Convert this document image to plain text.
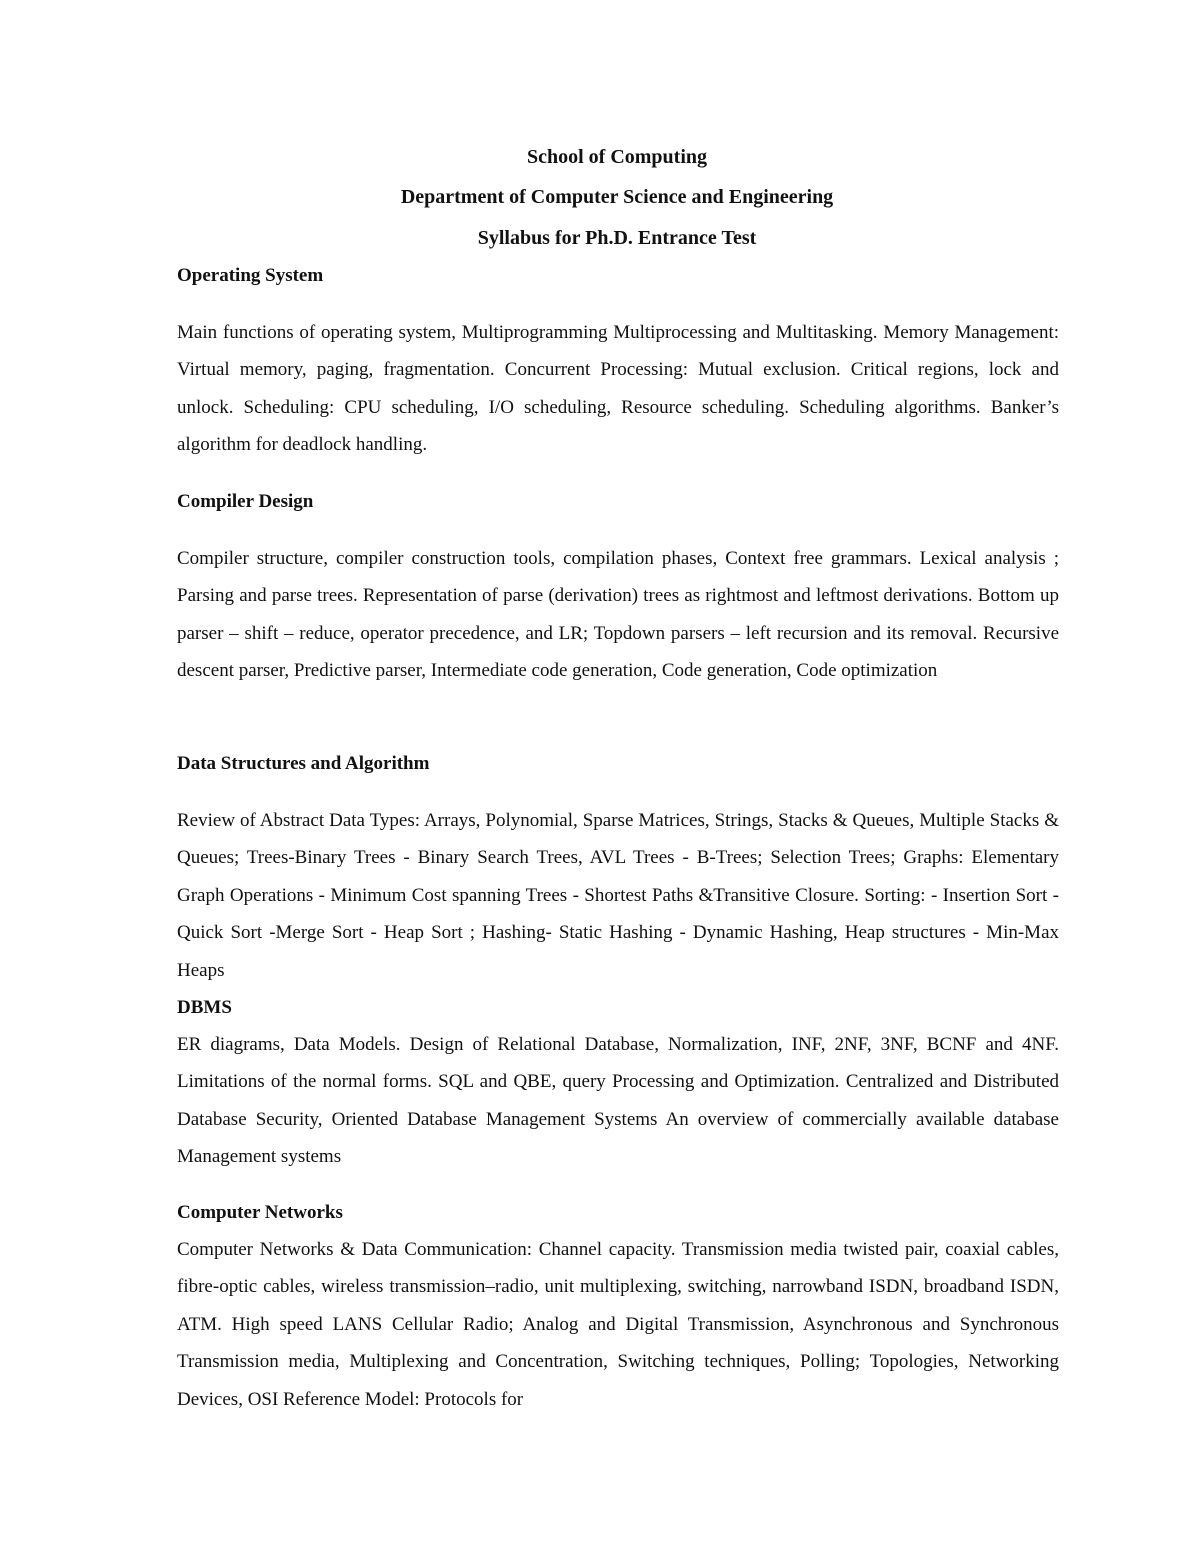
School of Computing
Department of Computer Science and Engineering
Syllabus for Ph.D. Entrance Test
Operating System
Main functions of operating system, Multiprogramming Multiprocessing and Multitasking. Memory Management: Virtual memory, paging, fragmentation. Concurrent Processing: Mutual exclusion. Critical regions, lock and unlock. Scheduling: CPU scheduling, I/O scheduling, Resource scheduling. Scheduling algorithms. Banker’s algorithm for deadlock handling.
Compiler Design
Compiler structure, compiler construction tools, compilation phases, Context free grammars. Lexical analysis ; Parsing and parse trees. Representation of parse (derivation) trees as rightmost and leftmost derivations. Bottom up parser – shift – reduce, operator precedence, and LR; Topdown parsers – left recursion and its removal. Recursive descent parser, Predictive parser, Intermediate code generation, Code generation, Code optimization
Data Structures and Algorithm
Review of Abstract Data Types: Arrays, Polynomial, Sparse Matrices, Strings, Stacks & Queues, Multiple Stacks & Queues; Trees-Binary Trees - Binary Search Trees, AVL Trees - B-Trees; Selection Trees; Graphs: Elementary Graph Operations - Minimum Cost spanning Trees - Shortest Paths &Transitive Closure. Sorting: - Insertion Sort - Quick Sort -Merge Sort - Heap Sort ; Hashing- Static Hashing - Dynamic Hashing, Heap structures - Min-Max Heaps
DBMS
ER diagrams, Data Models. Design of Relational Database, Normalization, INF, 2NF, 3NF, BCNF and 4NF. Limitations of the normal forms. SQL and QBE, query Processing and Optimization. Centralized and Distributed Database Security, Oriented Database Management Systems An overview of commercially available database Management systems
Computer Networks
Computer Networks & Data Communication: Channel capacity. Transmission media twisted pair, coaxial cables, fibre-optic cables, wireless transmission–radio, unit multiplexing, switching, narrowband ISDN, broadband ISDN, ATM. High speed LANS Cellular Radio; Analog and Digital Transmission, Asynchronous and Synchronous Transmission media, Multiplexing and Concentration, Switching techniques, Polling; Topologies, Networking Devices, OSI Reference Model: Protocols for
